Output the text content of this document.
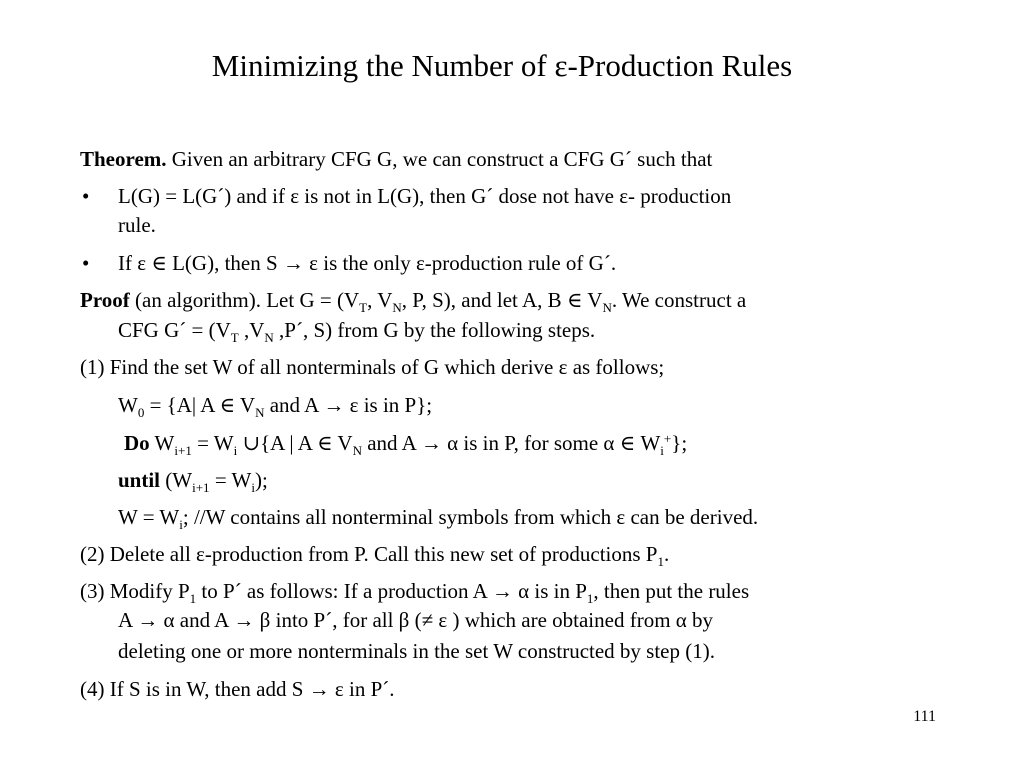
Minimizing the Number of ε-Production Rules
Theorem. Given an arbitrary CFG G, we can construct a CFG G´ such that
• L(G) = L(G´) and if ε is not in L(G), then G´ dose not have ε- production
rule.
• If ε ∈ L(G), then S → ε is the only ε-production rule of G´.
Proof (an algorithm). Let $G = (V_T$, $V_N$, P, S), and let A, B ∈ $V_N$. We construct a
CFG G´ = ($V_T$ $,V_N$ ,P´, S) from G by the following steps.
(1) Find the set W of all nonterminals of G which derive ε as follows;
$W_0 = \{A|$ A ∈ $V_N$ and A → ε is in P};
Do $W_{i+1} = W_i$ ∪{A | A ∈ $V_N$ and A → α is in P, for some α ∈ $W_i^+$};
until $(W_{i+1} = W_i)$;
$W = W_i$; //W contains all nonterminal symbols from which ε can be derived.
(2) Delete all ε-production from P. Call this new set of productions $P_1$.
(3) Modify $P_1$ to P´ as follows: If a production A → α is in $P_1$, then put the rules
A → α and A → β into P´, for all β (≠ ε ) which are obtained from α by
deleting one or more nonterminals in the set W constructed by step (1).
(4) If S is in W, then add S → ε in P´.
111
